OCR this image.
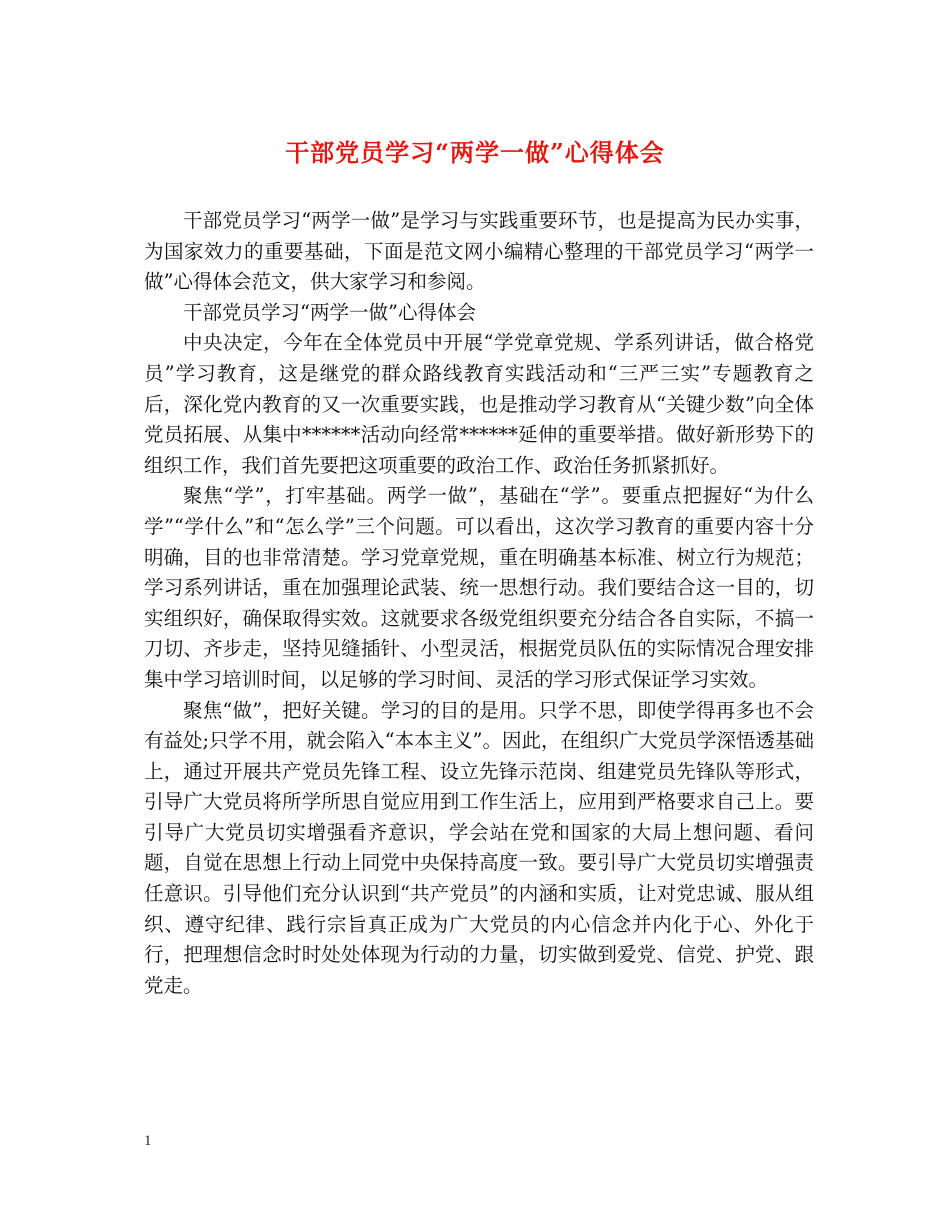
干部党员学习“两学一做”心得体会

干部党员学习“两学一做”是学习与实践重要环节，也是提高为民办实事，为国家效力的重要基础，下面是范文网小编精心整理的干部党员学习“两学一做”心得体会范文，供大家学习和参阅。

干部党员学习“两学一做”心得体会

中央决定，今年在全体党员中开展“学党章党规、学系列讲话，做合格党员”学习教育，这是继党的群众路线教育实践活动和“三严三实”专题教育之后，深化党内教育的又一次重要实践，也是推动学习教育从“关键少数”向全体党员拓展、从集中******活动向经常******延伸的重要举措。做好新形势下的组织工作，我们首先要把这项重要的政治工作、政治任务抓紧抓好。

聚焦“学”，打牢基础。两学一做”，基础在“学”。要重点把握好“为什么学”“学什么”和“怎么学”三个问题。可以看出，这次学习教育的重要内容十分明确，目的也非常清楚。学习党章党规，重在明确基本标准、树立行为规范；学习系列讲话，重在加强理论武装、统一思想行动。我们要结合这一目的，切实组织好，确保取得实效。这就要求各级党组织要充分结合各自实际，不搞一刀切、齐步走，坚持见缝插针、小型灵活，根据党员队伍的实际情况合理安排集中学习培训时间，以足够的学习时间、灵活的学习形式保证学习实效。

聚焦“做”，把好关键。学习的目的是用。只学不思，即使学得再多也不会有益处;只学不用，就会陷入“本本主义”。因此，在组织广大党员学深悟透基础上，通过开展共产党员先锋工程、设立先锋示范岗、组建党员先锋队等形式，引导广大党员将所学所思自觉应用到工作生活上，应用到严格要求自己上。要引导广大党员切实增强看齐意识，学会站在党和国家的大局上想问题、看问题，自觉在思想上行动上同党中央保持高度一致。要引导广大党员切实增强责任意识。引导他们充分认识到“共产党员”的内涵和实质，让对党忠诚、服从组织、遵守纪律、践行宗旨真正成为广大党员的内心信念并内化于心、外化于行，把理想信念时时处处体现为行动的力量，切实做到爱党、信党、护党、跟党走。

1
